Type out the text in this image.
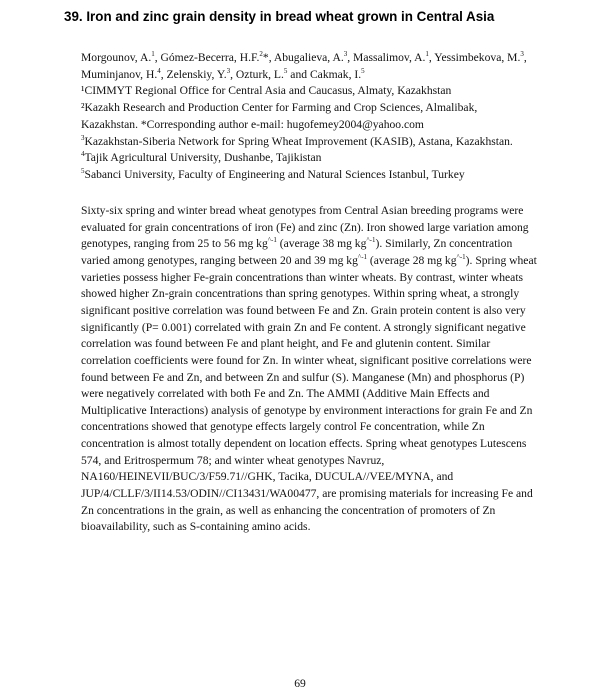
39. Iron and zinc grain density in bread wheat grown in Central Asia
Morgounov, A.$^1$, Gómez-Becerra, H.F.$^2$*, Abugalieva, A.$^3$, Massalimov, A.$^1$, Yessimbekova, M.$^3$,
Muminjanov, H.$^4$, Zelenskiy, Y.$^3$, Ozturk, L.$^5$ and Cakmak, I.$^5$
¹CIMMYT Regional Office for Central Asia and Caucasus, Almaty, Kazakhstan
²Kazakh Research and Production Center for Farming and Crop Sciences, Almalibak,
Kazakhstan. *Corresponding author e-mail: hugofemey2004@yahoo.com
$^3$Kazakhstan-Siberia Network for Spring Wheat Improvement (KASIB), Astana, Kazakhstan.
$^4$Tajik Agricultural University, Dushanbe, Tajikistan
$^5$Sabanci University, Faculty of Engineering and Natural Sciences Istanbul, Turkey
Sixty-six spring and winter bread wheat genotypes from Central Asian breeding programs were
evaluated for grain concentrations of iron (Fe) and zinc (Zn). Iron showed large variation among
genotypes, ranging from 25 to 56 mg $kg^{\^{}-1}$ (average 38 mg $kg^{\^{}-1}$). Similarly, Zn concentration
varied among genotypes, ranging between 20 and 39 mg $kg^{\^{}-1}$ (average 28 mg $kg^{\^{}-1}$). Spring wheat
varieties possess higher Fe-grain concentrations than winter wheats. By contrast, winter wheats
showed higher Zn-grain concentrations than spring genotypes. Within spring wheat, a strongly
significant positive correlation was found between Fe and Zn. Grain protein content is also very
significantly (P= 0.001) correlated with grain Zn and Fe content. A strongly significant negative
correlation was found between Fe and plant height, and Fe and glutenin content. Similar
correlation coefficients were found for Zn. In winter wheat, significant positive correlations were
found between Fe and Zn, and between Zn and sulfur (S). Manganese (Mn) and phosphorus (P)
were negatively correlated with both Fe and Zn. The AMMI (Additive Main Effects and
Multiplicative Interactions) analysis of genotype by environment interactions for grain Fe and Zn
concentrations showed that genotype effects largely control Fe concentration, while Zn
concentration is almost totally dependent on location effects. Spring wheat genotypes Lutescens
574, and Eritrospermum 78; and winter wheat genotypes Navruz,
NA160/HEINEVII/BUC/3/F59.71//GHK, Tacika, DUCULA//VEE/MYNA, and
JUP/4/CLLF/3/II14.53/ODIN//CI13431/WA00477, are promising materials for increasing Fe and
Zn concentrations in the grain, as well as enhancing the concentration of promoters of Zn
bioavailability, such as S-containing amino acids.
69
